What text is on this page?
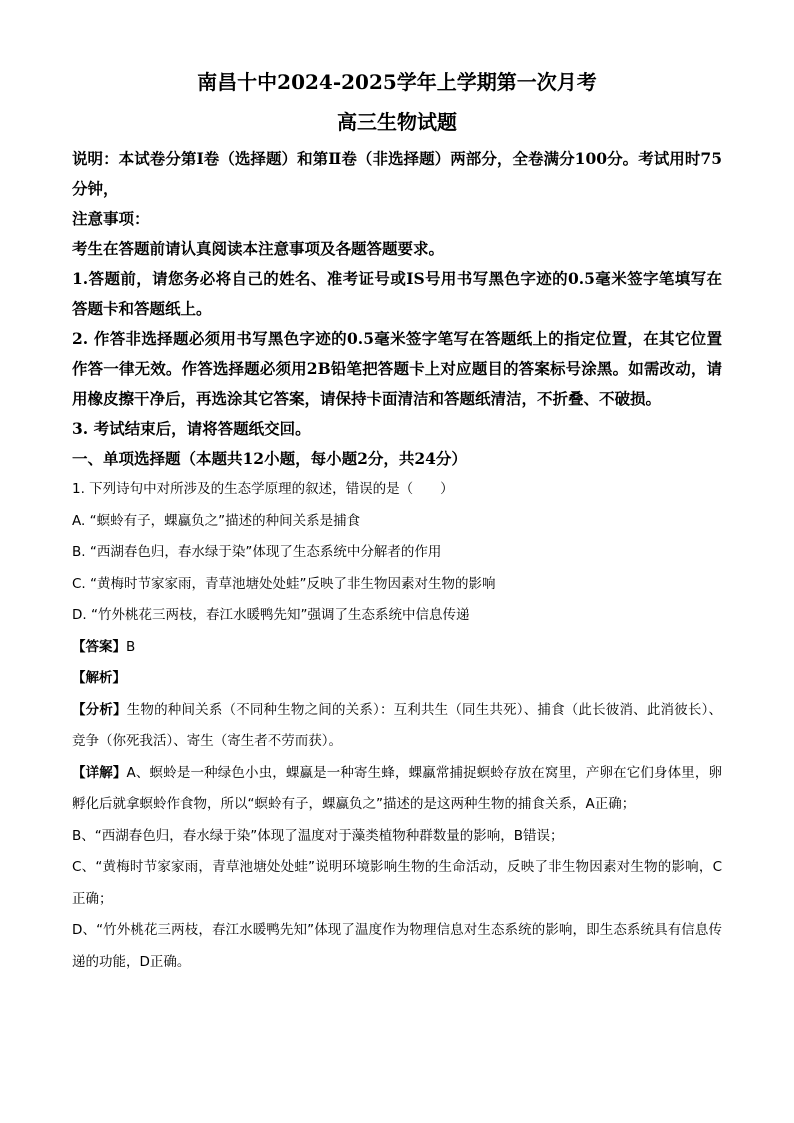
南昌十中2024-2025学年上学期第一次月考

高三生物试题

说明：本试卷分第Ⅰ卷（选择题）和第Ⅱ卷（非选择题）两部分，全卷满分100分。考试用时75分钟，

注意事项：

考生在答题前请认真阅读本注意事项及各题答题要求。

1.答题前，请您务必将自己的姓名、准考证号或IS号用书写黑色字迹的0.5毫米签字笔填写在答题卡和答题纸上。

2. 作答非选择题必须用书写黑色字迹的0.5毫米签字笔写在答题纸上的指定位置，在其它位置作答一律无效。作答选择题必须用2B铅笔把答题卡上对应题目的答案标号涂黑。如需改动，请用橡皮擦干净后，再选涂其它答案，请保持卡面清洁和答题纸清洁，不折叠、不破损。

3. 考试结束后，请将答题纸交回。

一、单项选择题（本题共12小题，每小题2分，共24分）

1. 下列诗句中对所涉及的生态学原理的叙述，错误的是（　　）

A. “螟蛉有子，蜾蠃负之”描述的种间关系是捕食

B. “西湖春色归，春水绿于染”体现了生态系统中分解者的作用

C. “黄梅时节家家雨，青草池塘处处蛙”反映了非生物因素对生物的影响

D. “竹外桃花三两枝，春江水暖鸭先知”强调了生态系统中信息传递

【答案】B

【解析】

【分析】生物的种间关系（不同种生物之间的关系）：互利共生（同生共死）、捕食（此长彼消、此消彼长）、竞争（你死我活）、寄生（寄生者不劳而获）。

【详解】A、螟蛉是一种绿色小虫，蜾蠃是一种寄生蜂，蜾蠃常捕捉螟蛉存放在窝里，产卵在它们身体里，卵孵化后就拿螟蛉作食物，所以“螟蛉有子，蜾蠃负之”描述的是这两种生物的捕食关系，A正确；

B、“西湖春色归，春水绿于染”体现了温度对于藻类植物种群数量的影响，B错误；

C、“黄梅时节家家雨，青草池塘处处蛙”说明环境影响生物的生命活动，反映了非生物因素对生物的影响，C正确；

D、“竹外桃花三两枝，春江水暖鸭先知”体现了温度作为物理信息对生态系统的影响，即生态系统具有信息传递的功能，D正确。
